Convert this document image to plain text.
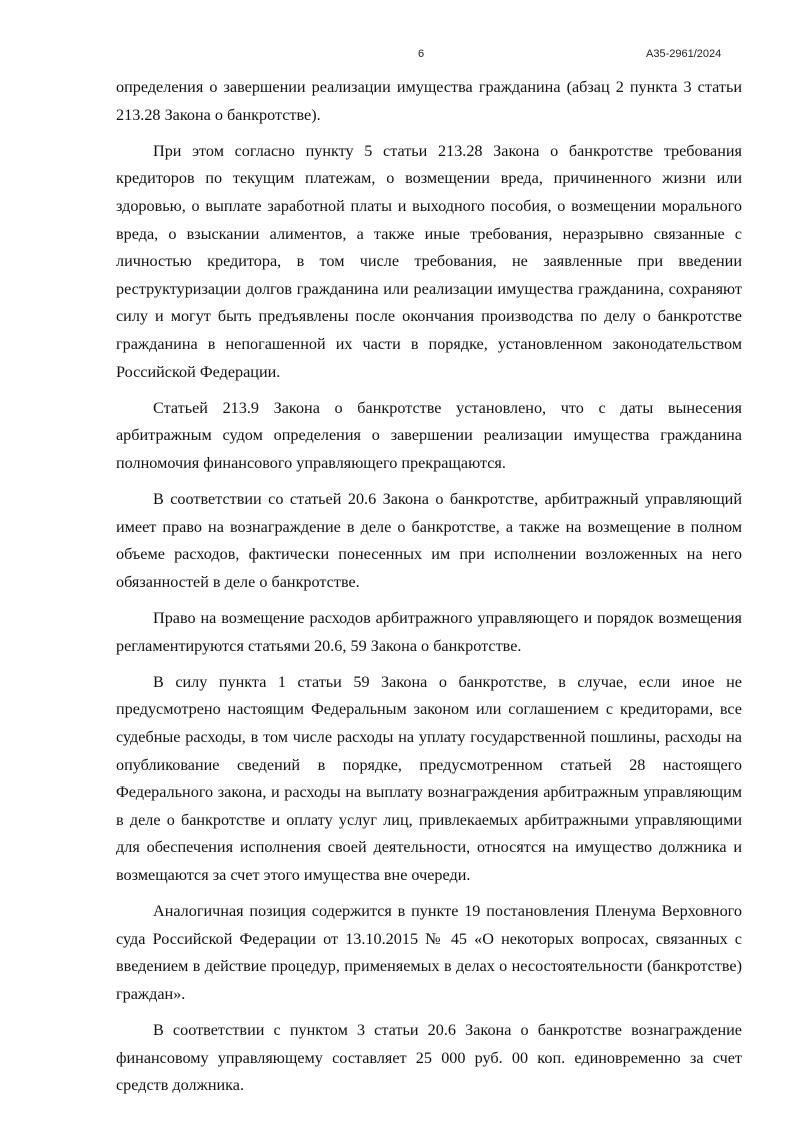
6	А35-2961/2024

определения о завершении реализации имущества гражданина (абзац 2 пункта 3 статьи 213.28 Закона о банкротстве).

При этом согласно пункту 5 статьи 213.28 Закона о банкротстве требования кредиторов по текущим платежам, о возмещении вреда, причиненного жизни или здоровью, о выплате заработной платы и выходного пособия, о возмещении морального вреда, о взыскании алиментов, а также иные требования, неразрывно связанные с личностью кредитора, в том числе требования, не заявленные при введении реструктуризации долгов гражданина или реализации имущества гражданина, сохраняют силу и могут быть предъявлены после окончания производства по делу о банкротстве гражданина в непогашенной их части в порядке, установленном законодательством Российской Федерации.

Статьей 213.9 Закона о банкротстве установлено, что с даты вынесения арбитражным судом определения о завершении реализации имущества гражданина полномочия финансового управляющего прекращаются.

В соответствии со статьей 20.6 Закона о банкротстве, арбитражный управляющий имеет право на вознаграждение в деле о банкротстве, а также на возмещение в полном объеме расходов, фактически понесенных им при исполнении возложенных на него обязанностей в деле о банкротстве.

Право на возмещение расходов арбитражного управляющего и порядок возмещения регламентируются статьями 20.6, 59 Закона о банкротстве.

В силу пункта 1 статьи 59 Закона о банкротстве, в случае, если иное не предусмотрено настоящим Федеральным законом или соглашением с кредиторами, все судебные расходы, в том числе расходы на уплату государственной пошлины, расходы на опубликование сведений в порядке, предусмотренном статьей 28 настоящего Федерального закона, и расходы на выплату вознаграждения арбитражным управляющим в деле о банкротстве и оплату услуг лиц, привлекаемых арбитражными управляющими для обеспечения исполнения своей деятельности, относятся на имущество должника и возмещаются за счет этого имущества вне очереди.

Аналогичная позиция содержится в пункте 19 постановления Пленума Верховного суда Российской Федерации от 13.10.2015 № 45 «О некоторых вопросах, связанных с введением в действие процедур, применяемых в делах о несостоятельности (банкротстве) граждан».

В соответствии с пунктом 3 статьи 20.6 Закона о банкротстве вознаграждение финансовому управляющему составляет 25 000 руб. 00 коп. единовременно за счет средств должника.
